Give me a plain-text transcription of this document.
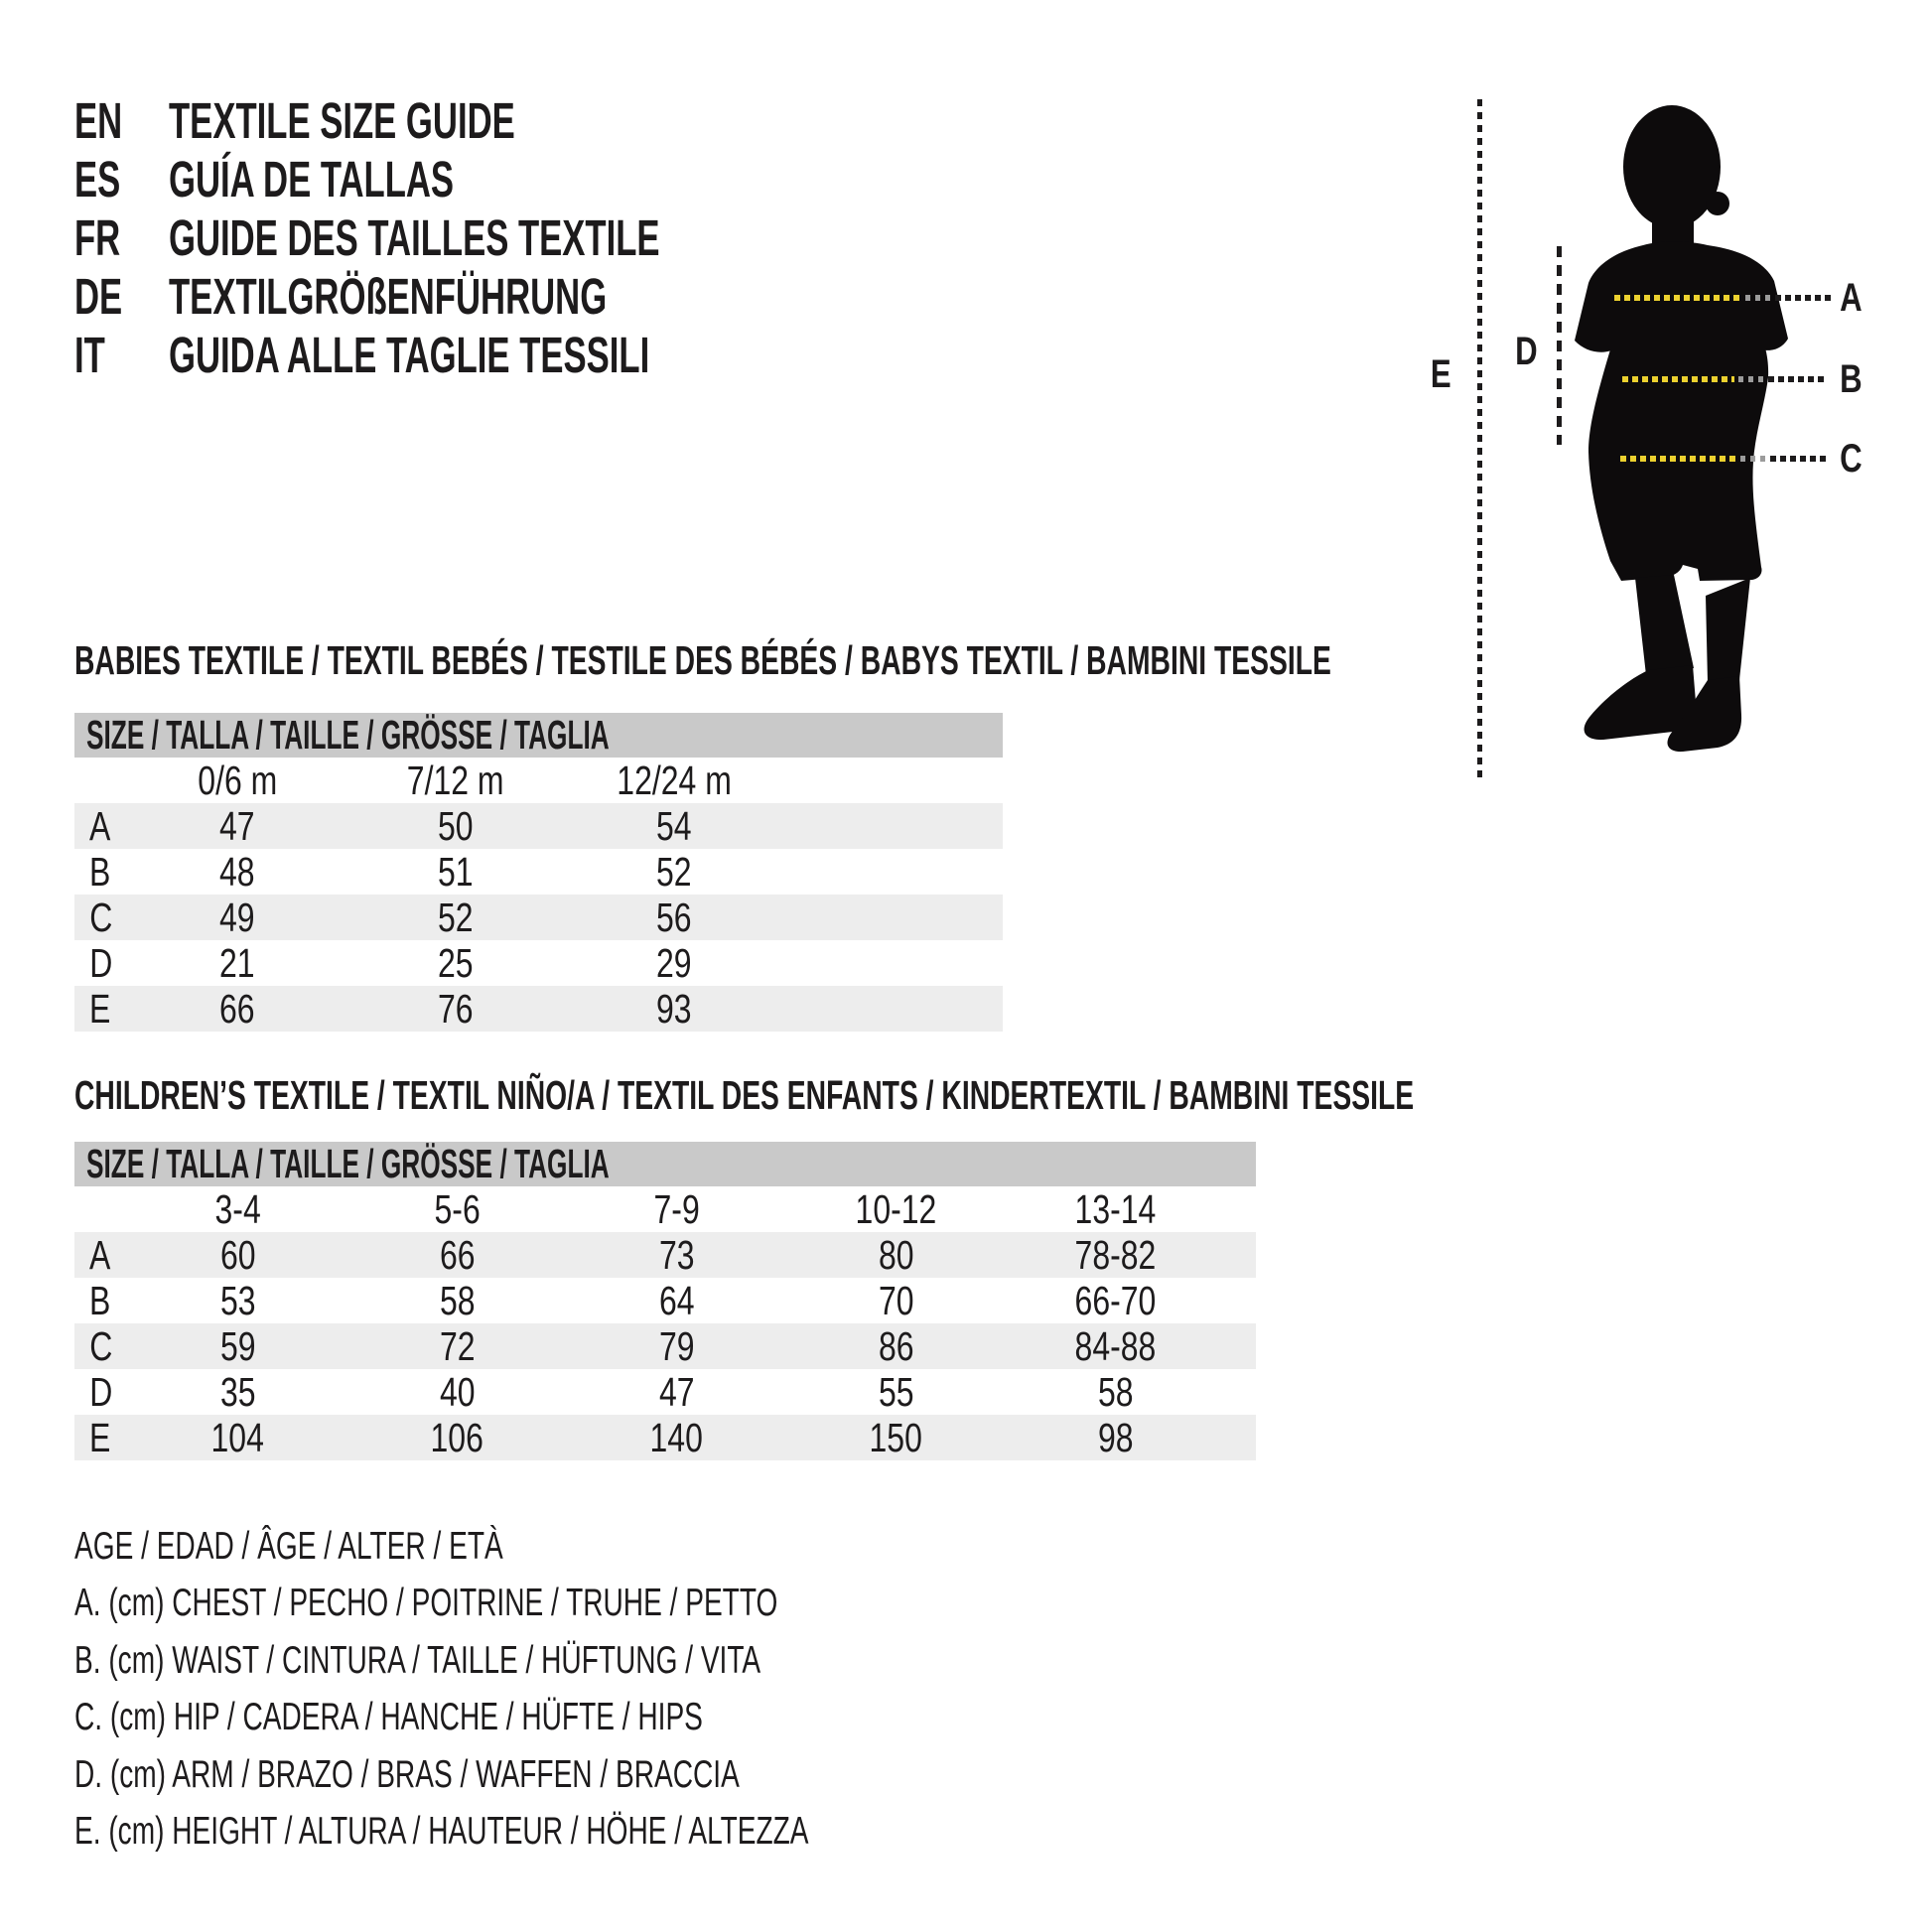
EN TEXTILE SIZE GUIDE
ES GUÍA DE TALLAS
FR GUIDE DES TAILLES TEXTILE
DE TEXTILGRÖßENFÜHRUNG
IT	GUIDA ALLE TAGLIE TESSILI	E
D
A
B
C
BABIES TEXTILE / TEXTIL BEBÉS / TESTILE DES BÉBÉS / BABYS TEXTIL / BAMBINI TESSILE
SIZE / TALLA / TAILLE / GRÖSSE / TAGLIA
0/6 m	7/12 m	12/24 m
A	47	50	54
B	48	51	52
C	49	52	56
D	21	25	29
E	66	76	93
CHILDREN’S TEXTILE / TEXTIL NIÑO/A / TEXTIL DES ENFANTS / KINDERTEXTIL / BAMBINI TESSILE
SIZE / TALLA / TAILLE / GRÖSSE / TAGLIA
3-4	5-6	7-9	10-12	13-14
A	60	66	73	80	78-82
B	53	58	64	70	66-70
C	59	72	79	86	84-88
D	35	40	47	55	58
E	104	106	140	150	98
AGE / EDAD / ÂGE / ALTER / ETÀ
A. (cm) CHEST / PECHO / POITRINE / TRUHE / PETTO
B. (cm) WAIST / CINTURA / TAILLE / HÜFTUNG / VITA
C. (cm) HIP / CADERA / HANCHE / HÜFTE / HIPS
D. (cm) ARM / BRAZO / BRAS / WAFFEN / BRACCIA
E. (cm) HEIGHT / ALTURA / HAUTEUR / HÖHE / ALTEZZA
